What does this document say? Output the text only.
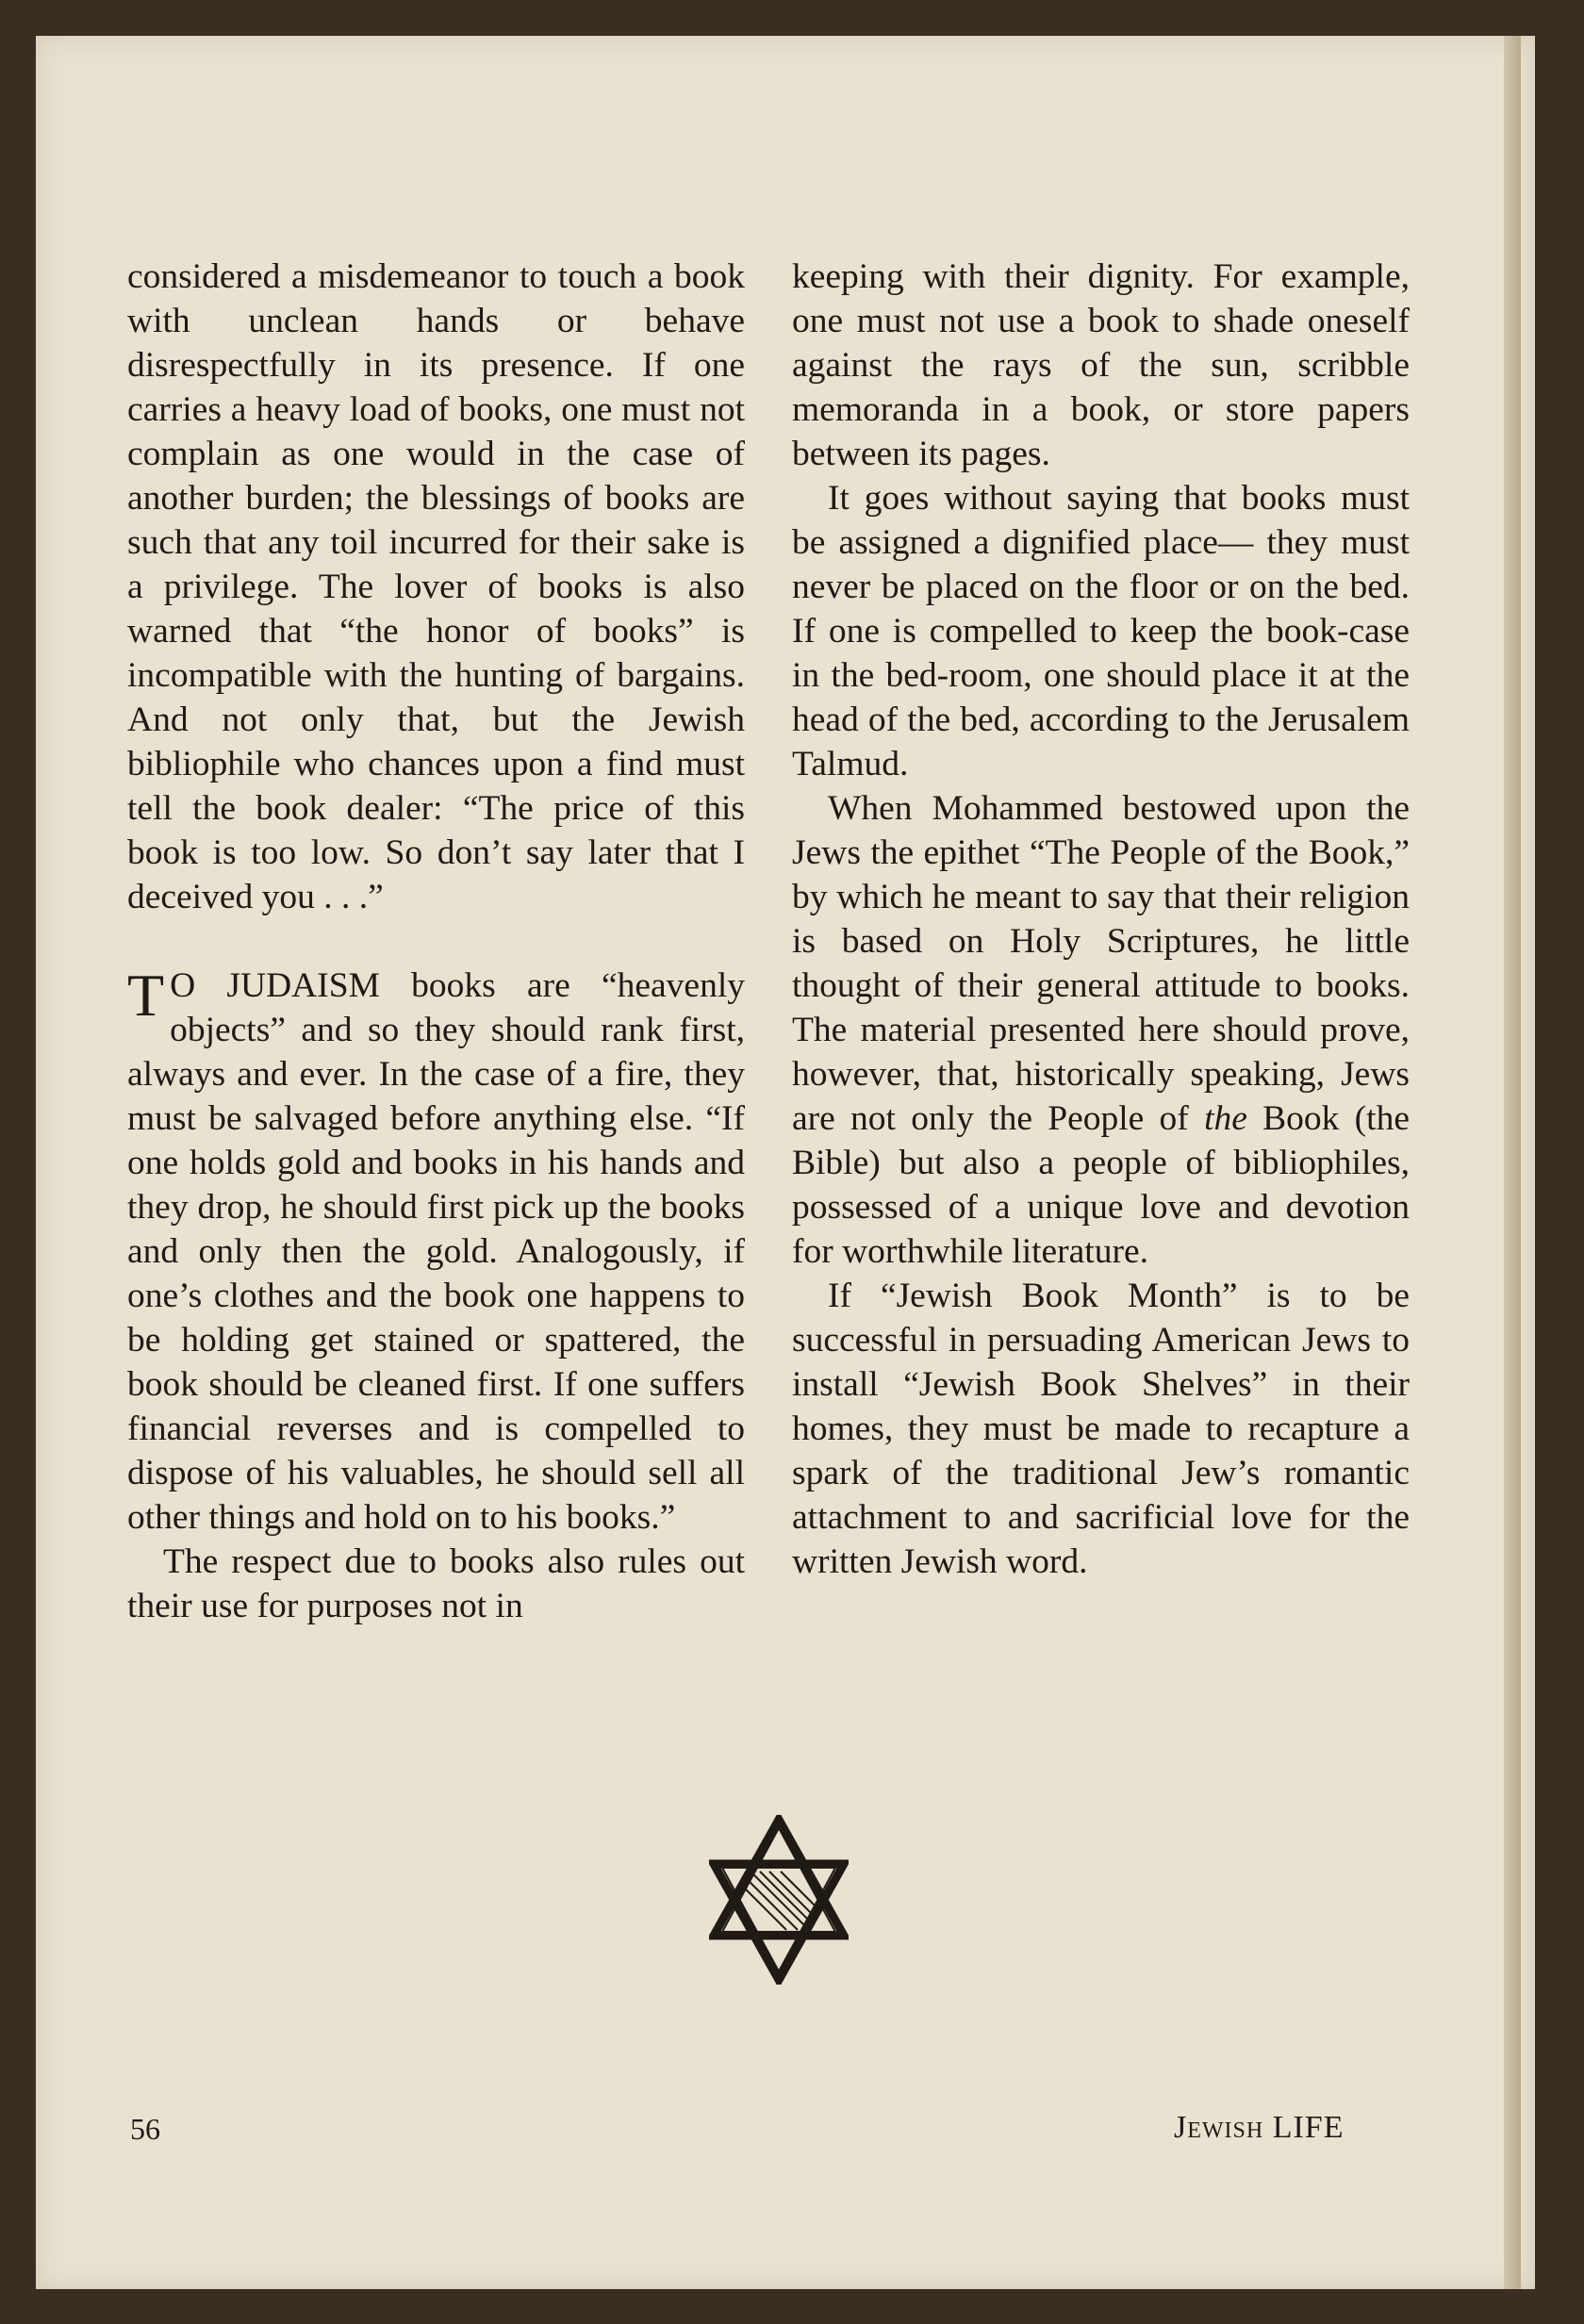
considered a misdemeanor to touch a book with unclean hands or behave disrespectfully in its presence. If one carries a heavy load of books, one must not complain as one would in the case of another burden; the blessings of books are such that any toil incurred for their sake is a privilege. The lover of books is also warned that “the honor of books” is incompatible with the hunting of bargains. And not only that, but the Jewish bibliophile who chances upon a find must tell the book dealer: “The price of this book is too low. So don’t say later that I deceived you . . .”

T O JUDAISM books are “heavenly objects” and so they should rank first, always and ever. In the case of a fire, they must be salvaged before anything else. “If one holds gold and books in his hands and they drop, he should first pick up the books and only then the gold. Analogously, if one’s clothes and the book one happens to be holding get stained or spattered, the book should be cleaned first. If one suffers financial reverses and is compelled to dispose of his valuables, he should sell all other things and hold on to his books.”

The respect due to books also rules out their use for purposes not in

keeping with their dignity. For example, one must not use a book to shade oneself against the rays of the sun, scribble memoranda in a book, or store papers between its pages.

It goes without saying that books must be assigned a dignified place— they must never be placed on the floor or on the bed. If one is compelled to keep the book-case in the bed-room, one should place it at the head of the bed, according to the Jerusalem Talmud.

When Mohammed bestowed upon the Jews the epithet “The People of the Book,” by which he meant to say that their religion is based on Holy Scriptures, he little thought of their general attitude to books. The material presented here should prove, however, that, historically speaking, Jews are not only the People of the Book (the Bible) but also a people of bibliophiles, possessed of a unique love and devotion for worthwhile literature.

If “Jewish Book Month” is to be successful in persuading American Jews to install “Jewish Book Shelves” in their homes, they must be made to recapture a spark of the traditional Jew’s romantic attachment to and sacrificial love for the written Jewish word.

56	Jewish LIFE
